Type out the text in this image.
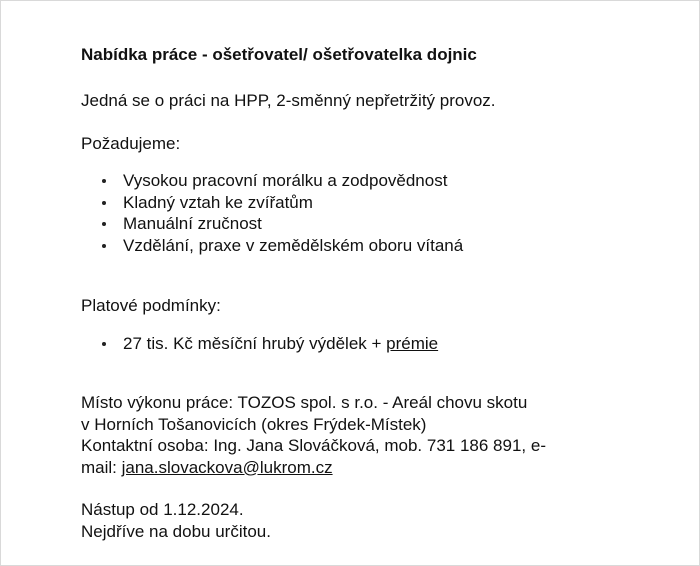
Nabídka práce - ošetřovatel/ ošetřovatelka dojnic
Jedná se o práci na HPP, 2-směnný nepřetržitý provoz.
Požadujeme:
Vysokou pracovní morálku a zodpovědnost
Kladný vztah ke zvířatům
Manuální zručnost
Vzdělání, praxe v zemědělském oboru vítaná
Platové podmínky:
27 tis. Kč měsíční hrubý výdělek + prémie
Místo výkonu práce: TOZOS spol. s r.o. - Areál chovu skotu
v Horních Tošanovicích (okres Frýdek-Místek)
Kontaktní osoba: Ing. Jana Slováčková, mob. 731 186 891, e-
mail: jana.slovackova@lukrom.cz
Nástup od 1.12.2024.
Nejdříve na dobu určitou.
